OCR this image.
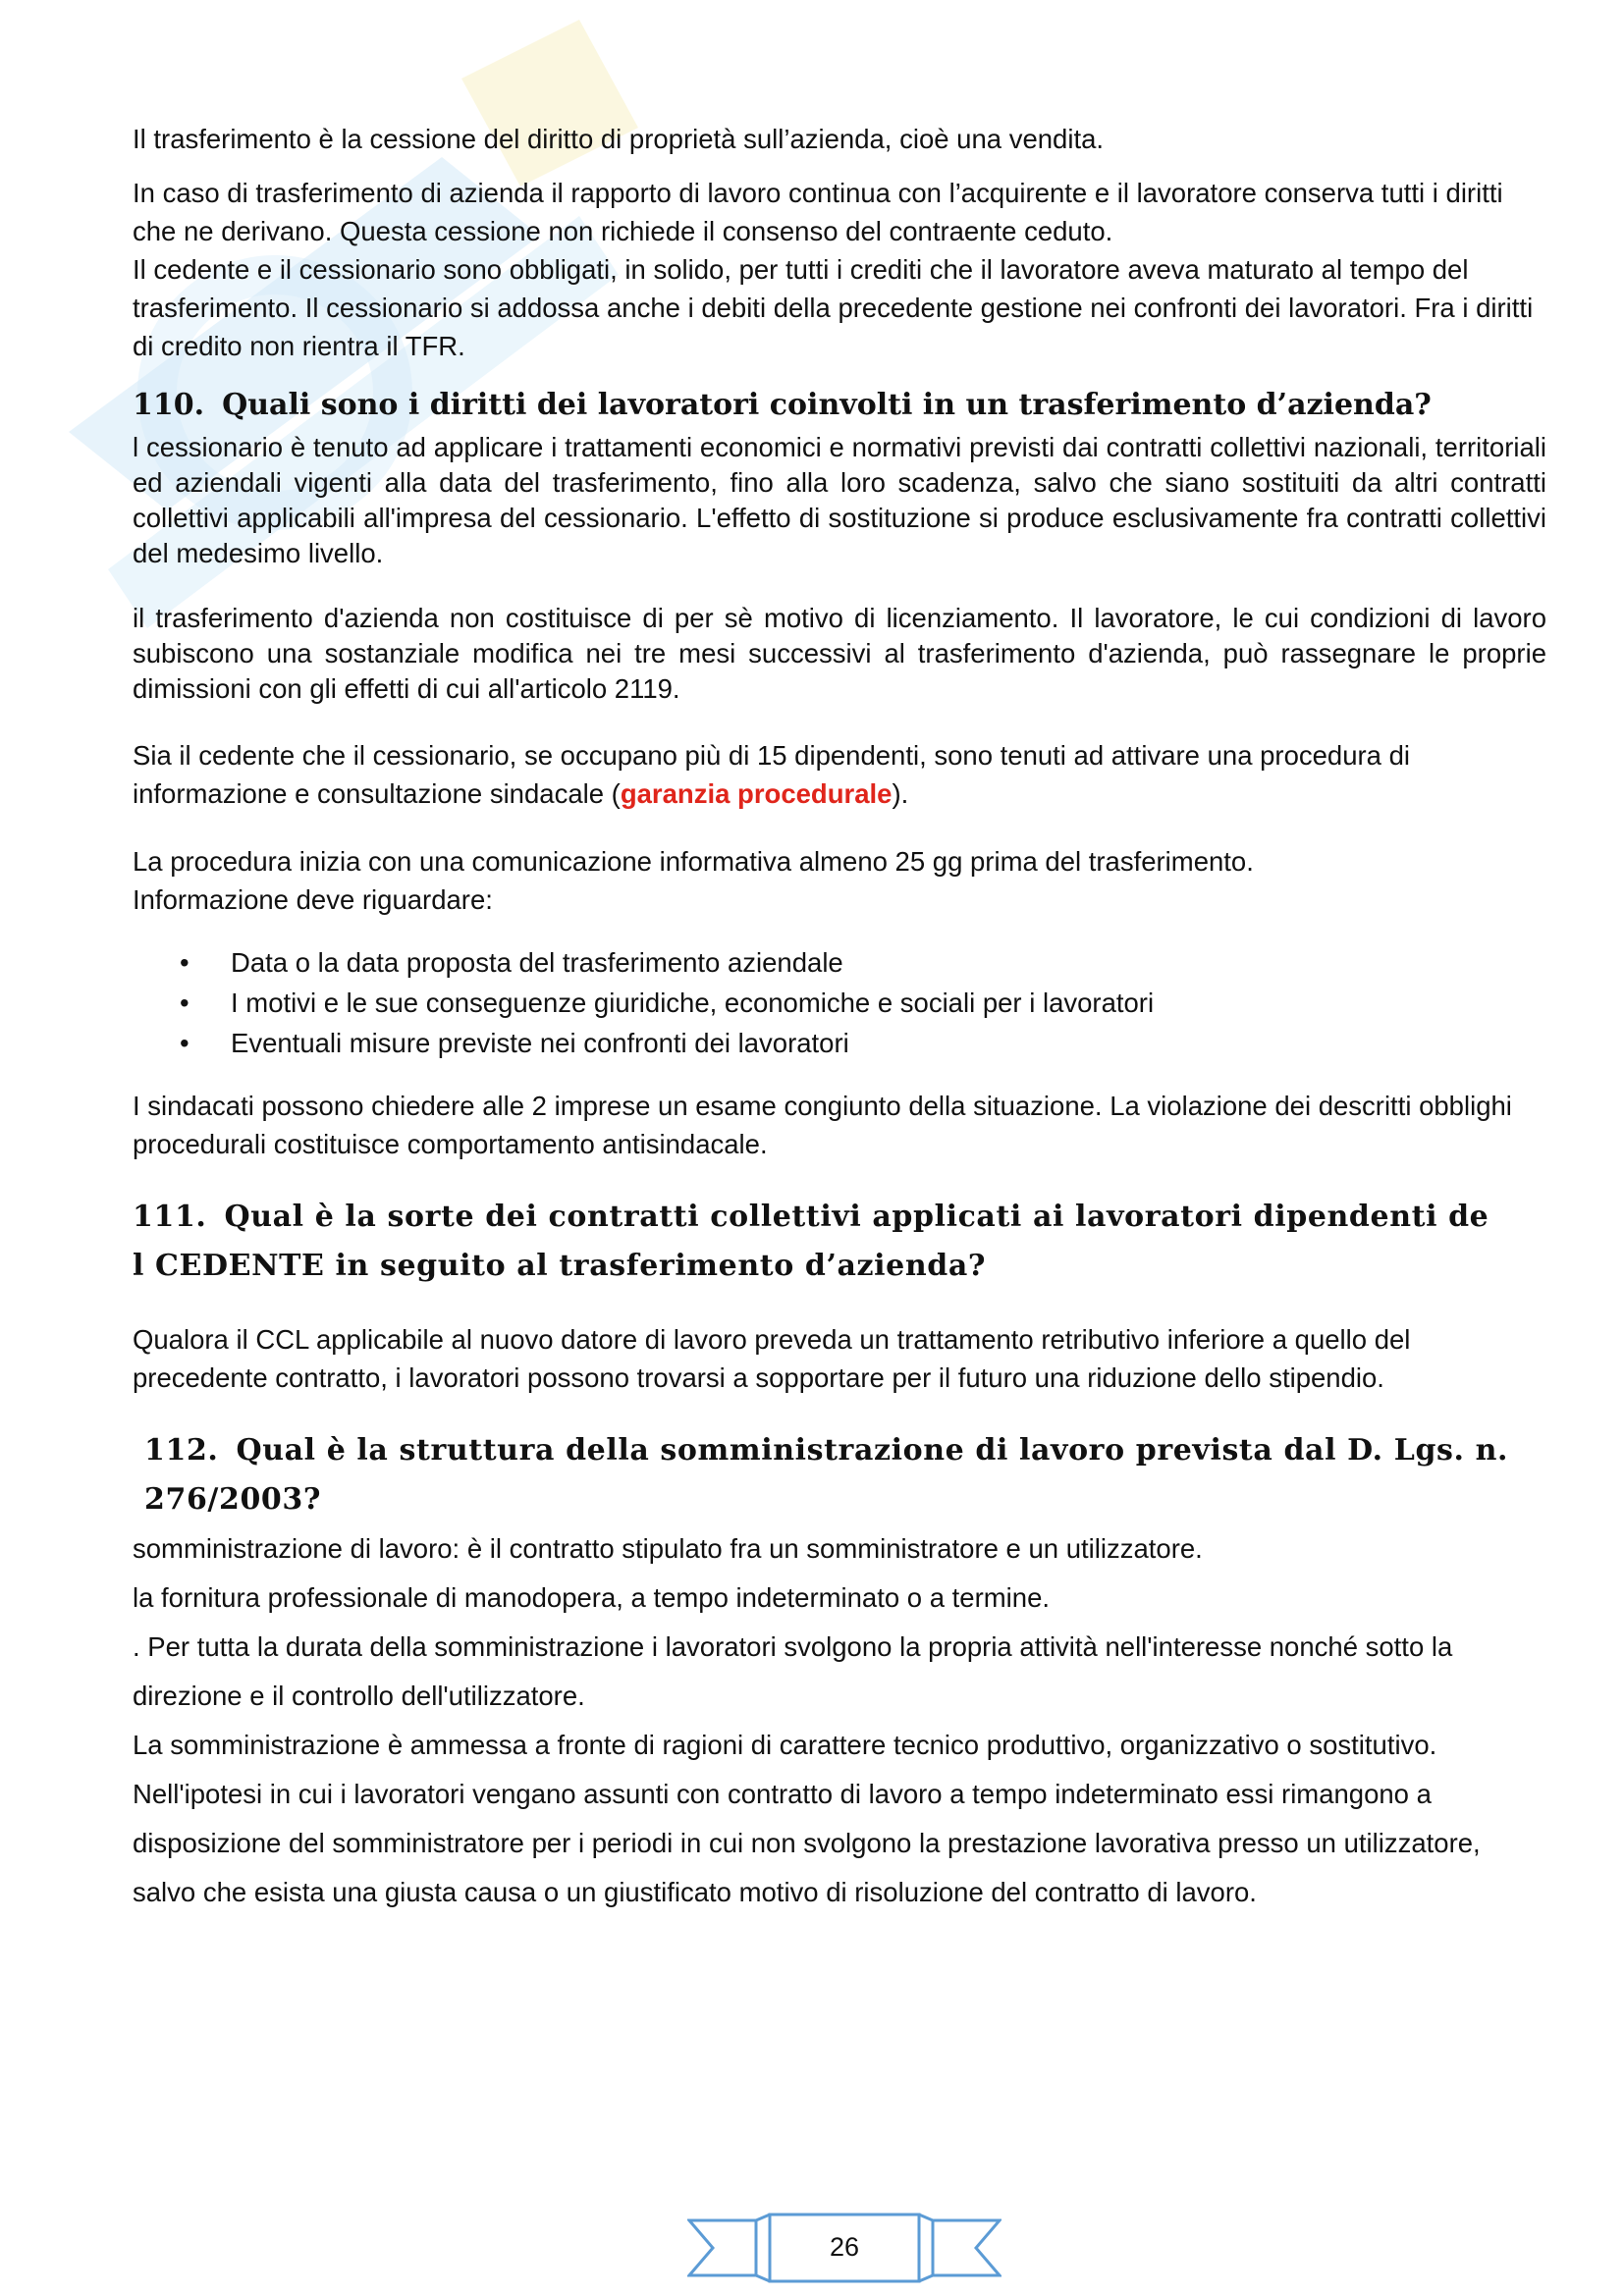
Il trasferimento è la cessione del diritto di proprietà sull’azienda, cioè una vendita.

In caso di trasferimento di azienda il rapporto di lavoro continua con l’acquirente e il lavoratore conserva tutti i diritti che ne derivano. Questa cessione non richiede il consenso del contraente ceduto.

Il cedente e il cessionario sono obbligati, in solido, per tutti i crediti che il lavoratore aveva maturato al tempo del trasferimento. Il cessionario si addossa anche i debiti della precedente gestione nei confronti dei lavoratori. Fra i diritti di credito non rientra il TFR.

110. Quali sono i diritti dei lavoratori coinvolti in un trasferimento d’azienda?

l cessionario è tenuto ad applicare i trattamenti economici e normativi previsti dai contratti collettivi nazionali, territoriali ed aziendali vigenti alla data del trasferimento, fino alla loro scadenza, salvo che siano sostituiti da altri contratti collettivi applicabili all'impresa del cessionario. L'effetto di sostituzione si produce esclusivamente fra contratti collettivi del medesimo livello.

il trasferimento d'azienda non costituisce di per sè motivo di licenziamento. Il lavoratore, le cui condizioni di lavoro subiscono una sostanziale modifica nei tre mesi successivi al trasferimento d'azienda, può rassegnare le proprie dimissioni con gli effetti di cui all'articolo 2119.

Sia il cedente che il cessionario, se occupano più di 15 dipendenti, sono tenuti ad attivare una procedura di informazione e consultazione sindacale (garanzia procedurale).

La procedura inizia con una comunicazione informativa almeno 25 gg prima del trasferimento.

Informazione deve riguardare:

• Data o la data proposta del trasferimento aziendale
• I motivi e le sue conseguenze giuridiche, economiche e sociali per i lavoratori
• Eventuali misure previste nei confronti dei lavoratori

I sindacati possono chiedere alle 2 imprese un esame congiunto della situazione. La violazione dei descritti obblighi procedurali costituisce comportamento antisindacale.

111. Qual è la sorte dei contratti collettivi applicati ai lavoratori dipendenti de
l CEDENTE in seguito al trasferimento d’azienda?

Qualora il CCL applicabile al nuovo datore di lavoro preveda un trattamento retributivo inferiore a quello del precedente contratto, i lavoratori possono trovarsi a sopportare per il futuro una riduzione dello stipendio.

112. Qual è la struttura della somministrazione di lavoro prevista dal D. Lgs. n.
276/2003?

somministrazione di lavoro: è il contratto stipulato fra un somministratore e un utilizzatore.

la fornitura professionale di manodopera, a tempo indeterminato o a termine.

. Per tutta la durata della somministrazione i lavoratori svolgono la propria attività nell'interesse nonché sotto la direzione e il controllo dell'utilizzatore.

La somministrazione è ammessa a fronte di ragioni di carattere tecnico produttivo, organizzativo o sostitutivo.

Nell'ipotesi in cui i lavoratori vengano assunti con contratto di lavoro a tempo indeterminato essi rimangono a disposizione del somministratore per i periodi in cui non svolgono la prestazione lavorativa presso un utilizzatore, salvo che esista una giusta causa o un giustificato motivo di risoluzione del contratto di lavoro.

26
